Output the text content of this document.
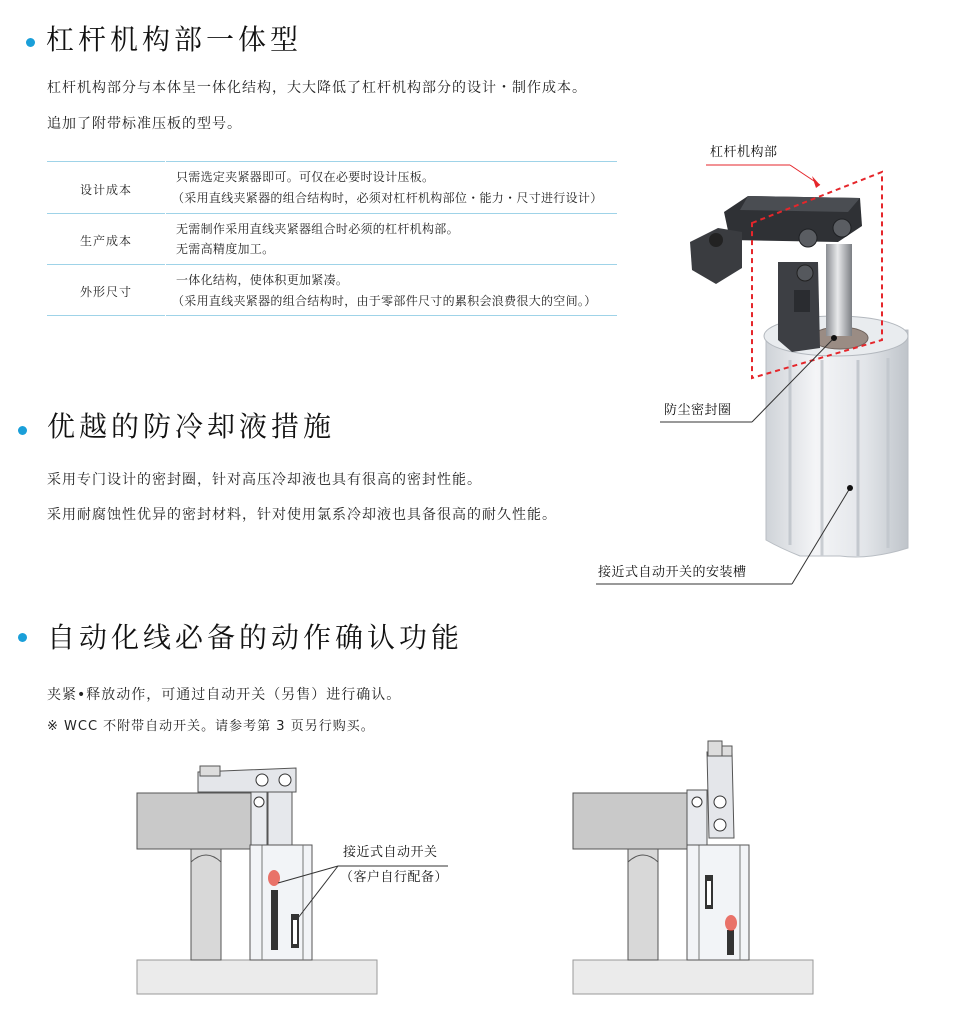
杠杆机构部一体型
杠杆机构部分与本体呈一体化结构，大大降低了杠杆机构部分的设计・制作成本。
追加了附带标准压板的型号。
设计成本
只需选定夹紧器即可。可仅在必要时设计压板。
（采用直线夹紧器的组合结构时，必须对杠杆机构部位・能力・尺寸进行设计）
生产成本
无需制作采用直线夹紧器组合时必须的杠杆机构部。
无需高精度加工。
外形尺寸
一体化结构，使体积更加紧凑。
（采用直线夹紧器的组合结构时，由于零部件尺寸的累积会浪费很大的空间。）
优越的防冷却液措施
采用专门设计的密封圈，针对高压冷却液也具有很高的密封性能。
采用耐腐蚀性优异的密封材料，针对使用氯系冷却液也具备很高的耐久性能。
自动化线必备的动作确认功能
夹紧•释放动作，可通过自动开关（另售）进行确认。
※ WCC 不附带自动开关。请参考第 3 页另行购买。
杠杆机构部
防尘密封圈
接近式自动开关的安装槽
接近式自动开关
（客户自行配备）
